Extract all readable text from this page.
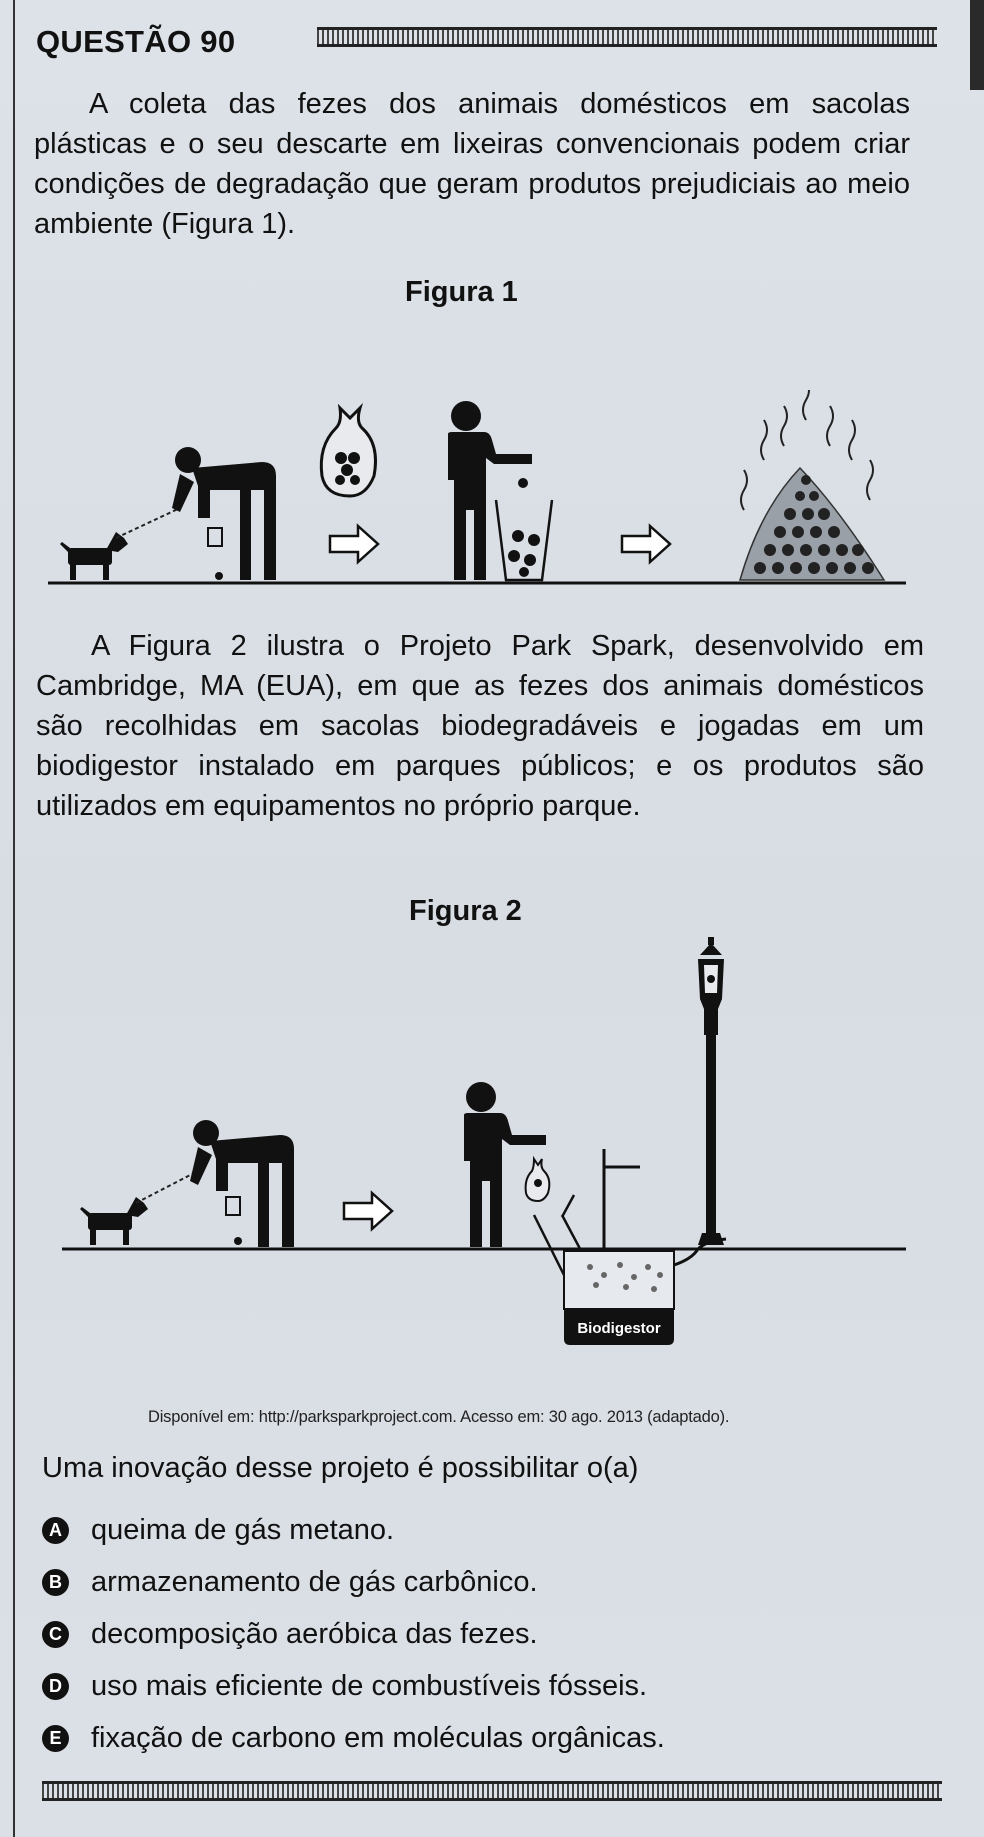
QUESTÃO 90

A coleta das fezes dos animais domésticos em sacolas plásticas e o seu descarte em lixeiras convencionais podem criar condições de degradação que geram produtos prejudiciais ao meio ambiente (Figura 1).

Figura 1

A Figura 2 ilustra o Projeto Park Spark, desenvolvido em Cambridge, MA (EUA), em que as fezes dos animais domésticos são recolhidas em sacolas biodegradáveis e jogadas em um biodigestor instalado em parques públicos; e os produtos são utilizados em equipamentos no próprio parque.

Figura 2
Biodigestor
Disponível em: http://parksparkproject.com. Acesso em: 30 ago. 2013 (adaptado).
Uma inovação desse projeto é possibilitar o(a)
A queima de gás metano.
B armazenamento de gás carbônico.
C decomposição aeróbica das fezes.
D uso mais eficiente de combustíveis fósseis.
E fixação de carbono em moléculas orgânicas.
